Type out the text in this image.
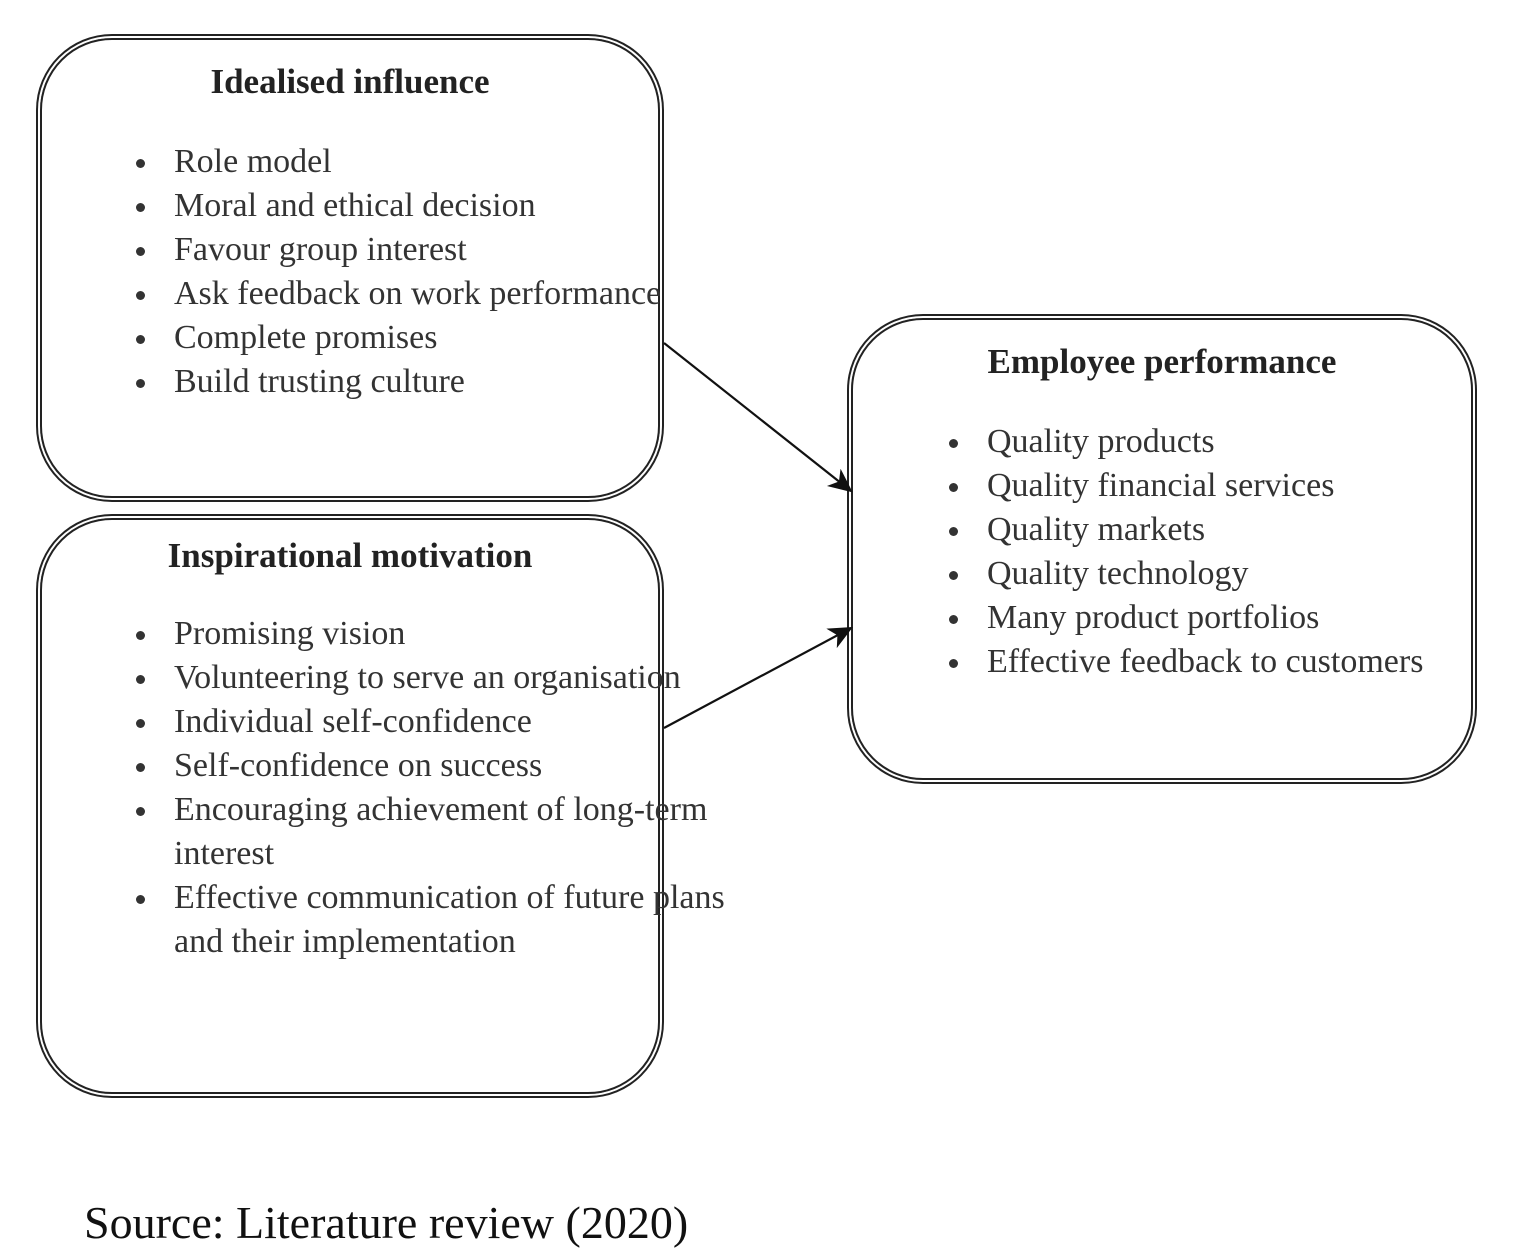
Idealised influence
Role model
Moral and ethical decision
Favour group interest
Ask feedback on work performance
Complete promises
Build trusting culture
Inspirational motivation
Promising vision
Volunteering to serve an organisation
Individual self-confidence
Self-confidence on success
Encouraging achievement of long-term interest
Effective communication of future plans and their implementation
Employee performance
Quality products
Quality financial services
Quality markets
Quality technology
Many product portfolios
Effective feedback to customers
Source: Literature review (2020)
